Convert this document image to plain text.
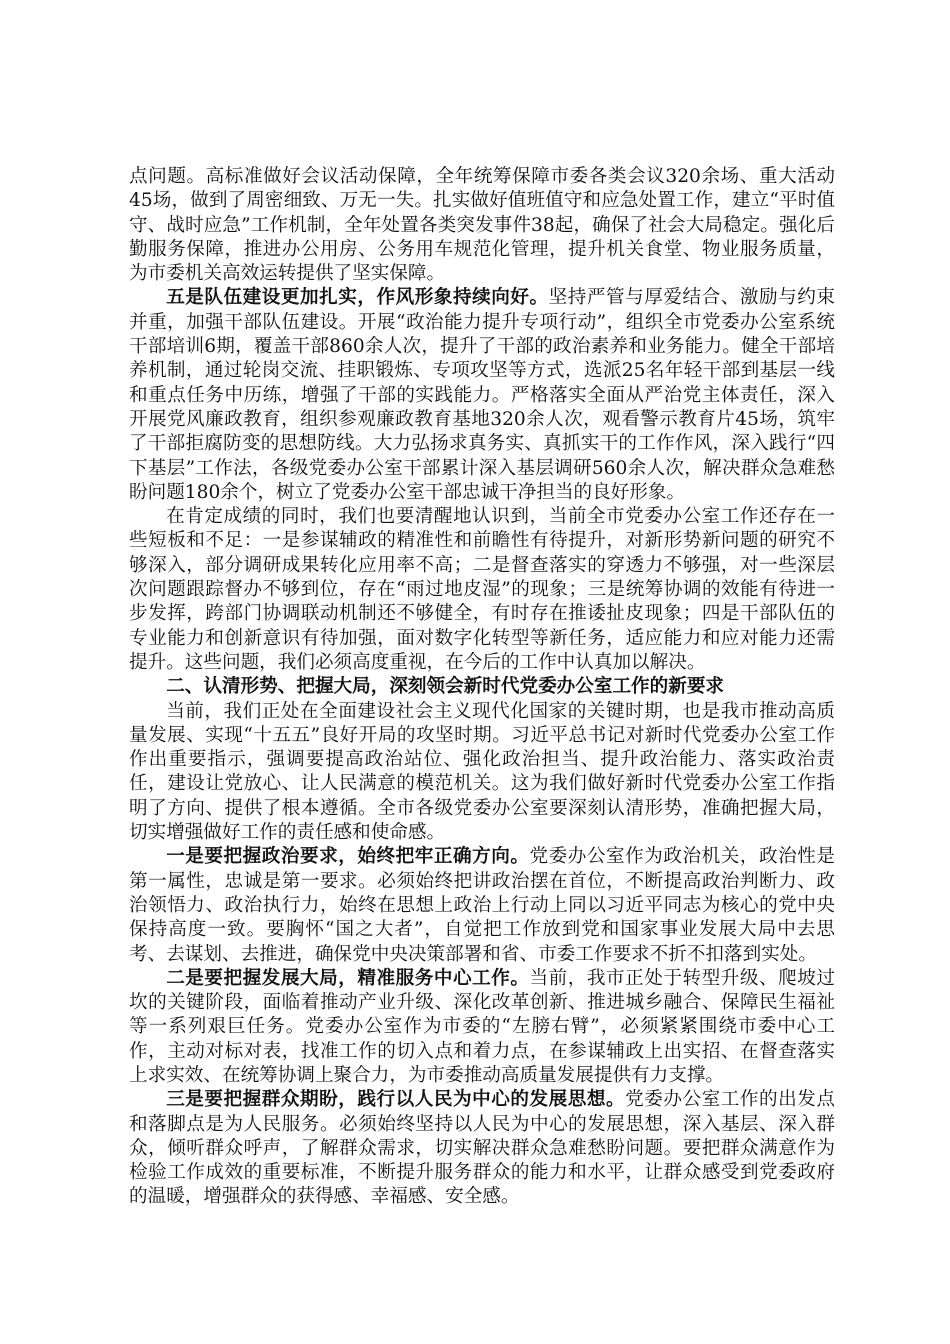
点问题。高标准做好会议活动保障，全年统筹保障市委各类会议320余场、重大活动45场，做到了周密细致、万无一失。扎实做好值班值守和应急处置工作，建立“平时值守、战时应急”工作机制，全年处置各类突发事件38起，确保了社会大局稳定。强化后勤服务保障，推进办公用房、公务用车规范化管理，提升机关食堂、物业服务质量，为市委机关高效运转提供了坚实保障。

五是队伍建设更加扎实，作风形象持续向好。坚持严管与厚爱结合、激励与约束并重，加强干部队伍建设。开展“政治能力提升专项行动”，组织全市党委办公室系统干部培训6期，覆盖干部860余人次，提升了干部的政治素养和业务能力。健全干部培养机制，通过轮岗交流、挂职锻炼、专项攻坚等方式，选派25名年轻干部到基层一线和重点任务中历练，增强了干部的实践能力。严格落实全面从严治党主体责任，深入开展党风廉政教育，组织参观廉政教育基地320余人次，观看警示教育片45场，筑牢了干部拒腐防变的思想防线。大力弘扬求真务实、真抓实干的工作作风，深入践行“四下基层”工作法，各级党委办公室干部累计深入基层调研560余人次，解决群众急难愁盼问题180余个，树立了党委办公室干部忠诚干净担当的良好形象。

在肯定成绩的同时，我们也要清醒地认识到，当前全市党委办公室工作还存在一些短板和不足：一是参谋辅政的精准性和前瞻性有待提升，对新形势新问题的研究不够深入，部分调研成果转化应用率不高；二是督查落实的穿透力不够强，对一些深层次问题跟踪督办不够到位，存在“雨过地皮湿”的现象；三是统筹协调的效能有待进一步发挥，跨部门协调联动机制还不够健全，有时存在推诿扯皮现象；四是干部队伍的专业能力和创新意识有待加强，面对数字化转型等新任务，适应能力和应对能力还需提升。这些问题，我们必须高度重视，在今后的工作中认真加以解决。

二、认清形势、把握大局，深刻领会新时代党委办公室工作的新要求

当前，我们正处在全面建设社会主义现代化国家的关键时期，也是我市推动高质量发展、实现“十五五”良好开局的攻坚时期。习近平总书记对新时代党委办公室工作作出重要指示，强调要提高政治站位、强化政治担当、提升政治能力、落实政治责任，建设让党放心、让人民满意的模范机关。这为我们做好新时代党委办公室工作指明了方向、提供了根本遵循。全市各级党委办公室要深刻认清形势，准确把握大局，切实增强做好工作的责任感和使命感。

一是要把握政治要求，始终把牢正确方向。党委办公室作为政治机关，政治性是第一属性，忠诚是第一要求。必须始终把讲政治摆在首位，不断提高政治判断力、政治领悟力、政治执行力，始终在思想上政治上行动上同以习近平同志为核心的党中央保持高度一致。要胸怀“国之大者”，自觉把工作放到党和国家事业发展大局中去思考、去谋划、去推进，确保党中央决策部署和省、市委工作要求不折不扣落到实处。

二是要把握发展大局，精准服务中心工作。当前，我市正处于转型升级、爬坡过坎的关键阶段，面临着推动产业升级、深化改革创新、推进城乡融合、保障民生福祉等一系列艰巨任务。党委办公室作为市委的“左膀右臂”，必须紧紧围绕市委中心工作，主动对标对表，找准工作的切入点和着力点，在参谋辅政上出实招、在督查落实上求实效、在统筹协调上聚合力，为市委推动高质量发展提供有力支撑。

三是要把握群众期盼，践行以人民为中心的发展思想。党委办公室工作的出发点和落脚点是为人民服务。必须始终坚持以人民为中心的发展思想，深入基层、深入群众，倾听群众呼声，了解群众需求，切实解决群众急难愁盼问题。要把群众满意作为检验工作成效的重要标准，不断提升服务群众的能力和水平，让群众感受到党委政府的温暖，增强群众的获得感、幸福感、安全感。
